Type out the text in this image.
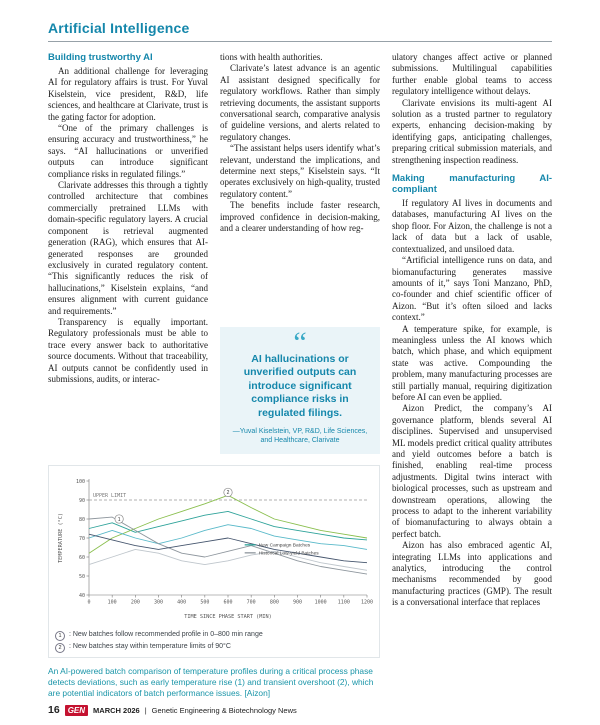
Artificial Intelligence
Building trustworthy AI

An additional challenge for leveraging AI for regulatory affairs is trust. For Yuval Kiselstein, vice president, R&D, life sciences, and healthcare at Clarivate, trust is the gating factor for adoption.

“One of the primary challenges is ensuring accuracy and trustworthiness,” he says. “AI hallucinations or unverified outputs can introduce significant compliance risks in regulated filings.”

Clarivate addresses this through a tightly controlled architecture that combines commercially pretrained LLMs with domain-specific regulatory layers. A crucial component is retrieval augmented generation (RAG), which ensures that AI-generated responses are grounded exclusively in curated regulatory content. “This significantly reduces the risk of hallucinations,” Kiselstein explains, “and ensures alignment with current guidance and requirements.”

Transparency is equally important. Regulatory professionals must be able to trace every answer back to authoritative source documents. Without that traceability, AI outputs cannot be confidently used in submissions, audits, or interac-

tions with health authorities.

Clarivate’s latest advance is an agentic AI assistant designed specifically for regulatory workflows. Rather than simply retrieving documents, the assistant supports conversational search, comparative analysis of guideline versions, and alerts related to regulatory changes.

“The assistant helps users identify what’s relevant, understand the implications, and determine next steps,” Kiselstein says. “It operates exclusively on high-quality, trusted regulatory content.”

The benefits include faster research, improved confidence in decision-making, and a clearer understanding of how reg-

“
AI hallucinations or unverified outputs can introduce significant compliance risks in regulated filings.
—Yuval Kiselstein, VP, R&D, Life Sciences, and Healthcare, Clarivate
40
50
60
70
80
90
100
0	100	200	300	400	500	600	700	800	900	1000 1100 1200
TIME SINCE PHASE START (MIN)
TEMPERATURE (°C)
UPPER LIMIT
New Campaign Batches
Historical Low-yield Batches
1
2
1 : New batches follow recommended profile in 0–800 min range
2 : New batches stay within temperature limits of 90°C
An AI-powered batch comparison of temperature profiles during a critical process phase detects deviations, such as early temperature rise (1) and transient overshoot (2), which are potential indicators of batch performance issues. [Aizon]

ulatory changes affect active or planned submissions. Multilingual capabilities further enable global teams to access regulatory intelligence without delays.

Clarivate envisions its multi-agent AI solution as a trusted partner to regulatory experts, enhancing decision-making by identifying gaps, anticipating challenges, preparing critical submission materials, and strengthening inspection readiness.

Making manufacturing AI-compliant

If regulatory AI lives in documents and databases, manufacturing AI lives on the shop floor. For Aizon, the challenge is not a lack of data but a lack of usable, contextualized, and unsiloed data.

“Artificial intelligence runs on data, and biomanufacturing generates massive amounts of it,” says Toni Manzano, PhD, co-founder and chief scientific officer of Aizon. “But it’s often siloed and lacks context.”

A temperature spike, for example, is meaningless unless the AI knows which batch, which phase, and which equipment state was active. Compounding the problem, many manufacturing processes are still partially manual, requiring digitization before AI can even be applied.

Aizon Predict, the company’s AI governance platform, blends several AI disciplines. Supervised and unsupervised ML models predict critical quality attributes and yield outcomes before a batch is finished, enabling real-time process adjustments. Digital twins interact with biological processes, such as upstream and downstream operations, allowing the process to adapt to the inherent variability of biomanufacturing to always obtain a perfect batch.

Aizon has also embraced agentic AI, integrating LLMs into applications and analytics, introducing the control mechanisms recommended by good manufacturing practices (GMP). The result is a conversational interface that replaces

16	GEN	MARCH 2026 | Genetic Engineering & Biotechnology News
